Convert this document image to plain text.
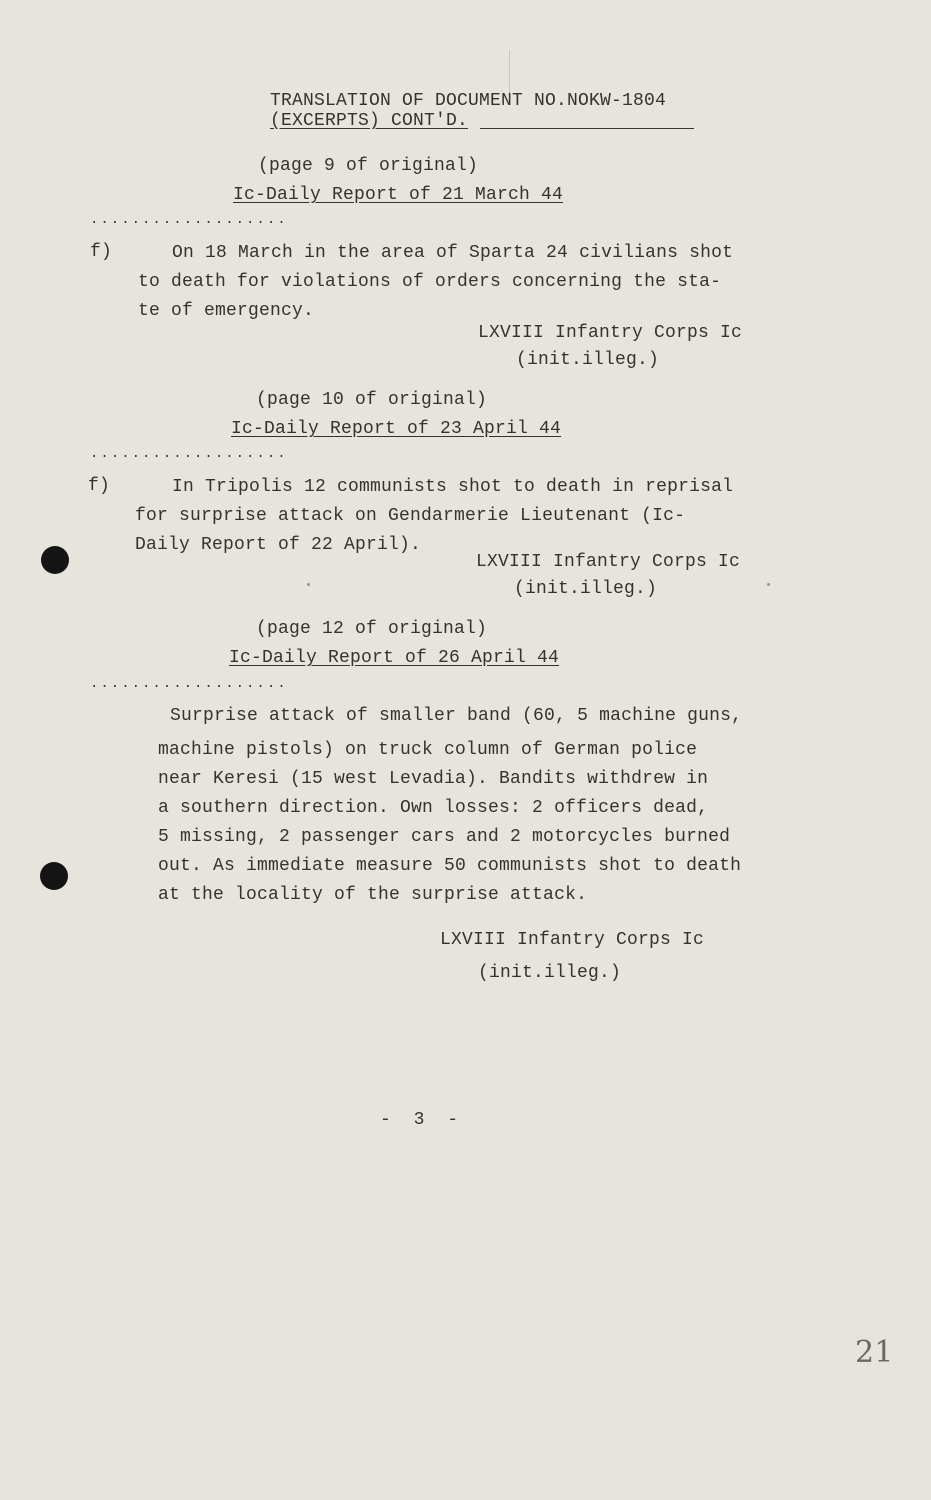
TRANSLATION OF DOCUMENT NO.NOKW-1804
(EXCERPTS) CONT'D.
(page 9 of original)
Ic-Daily Report of 21 March 44
...................
f)	On 18 March in the area of Sparta 24 civilians shot
to death for violations of orders concerning the sta-
te of emergency.
LXVIII Infantry Corps Ic
(init.illeg.)
(page 10 of original)
Ic-Daily Report of 23 April 44
...................
f)	In Tripolis 12 communists shot to death in reprisal
for surprise attack on Gendarmerie Lieutenant (Ic-
Daily Report of 22 April).
LXVIII Infantry Corps Ic
(init.illeg.)
(page 12 of original)
Ic-Daily Report of 26 April 44
...................
Surprise attack of smaller band (60, 5 machine guns,
machine pistols) on truck column of German police
near Keresi (15 west Levadia). Bandits withdrew in
a southern direction. Own losses: 2 officers dead,
5 missing, 2 passenger cars and 2 motorcycles burned
out. As immediate measure 50 communists shot to death
at the locality of the surprise attack.
LXVIII Infantry Corps Ic
(init.illeg.)
- 3 -
21
